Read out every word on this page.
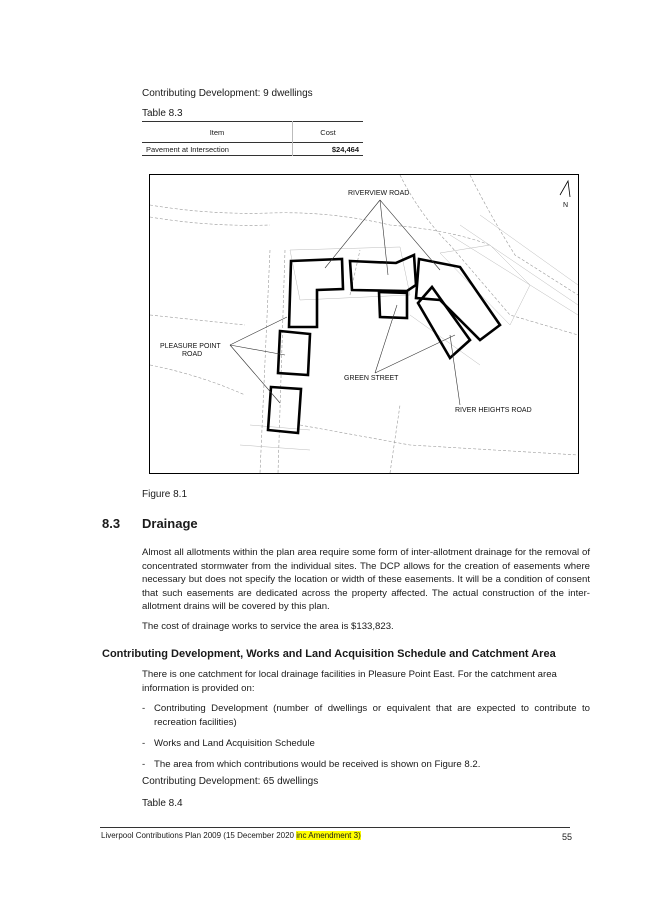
Contributing Development: 9 dwellings
Table 8.3
Item	Cost
Pavement at Intersection	$24,464
N
RIVERVIEW ROAD
PLEASURE POINT
ROAD
GREEN STREET
RIVER HEIGHTS ROAD
Figure 8.1
8.3 Drainage
Almost all allotments within the plan area require some form of inter-allotment drainage for the removal of concentrated stormwater from the individual sites. The DCP allows for the creation of easements where necessary but does not specify the location or width of these easements. It will be a condition of consent that such easements are dedicated across the property affected. The actual construction of the inter-allotment drains will be covered by this plan.
The cost of drainage works to service the area is $133,823.
Contributing Development, Works and Land Acquisition Schedule and Catchment Area
There is one catchment for local drainage facilities in Pleasure Point East. For the catchment area information is provided on:
- Contributing Development (number of dwellings or equivalent that are expected to contribute to recreation facilities)
- Works and Land Acquisition Schedule
- The area from which contributions would be received is shown on Figure 8.2.
Contributing Development: 65 dwellings
Table 8.4
Liverpool Contributions Plan 2009 (15 December 2020 inc Amendment 3)	55
